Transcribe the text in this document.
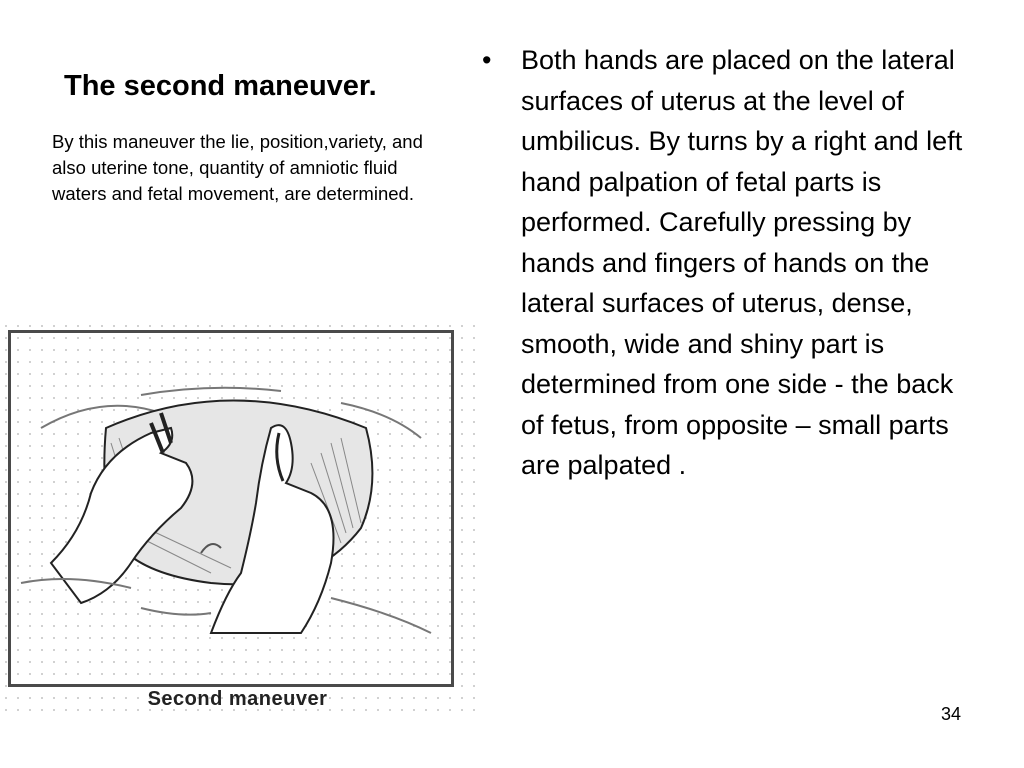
The second maneuver.
By this maneuver the lie, position,variety, and also uterine tone, quantity of amniotic fluid waters and fetal movement, are determined.
Second maneuver
• Both hands are placed on the lateral surfaces of uterus at the level of umbilicus. By turns by a right and left hand palpation of fetal parts is performed. Carefully pressing by hands and fingers of hands on the lateral surfaces of uterus, dense, smooth, wide and shiny part is determined from one side - the back of fetus, from opposite – small parts are palpated .
34
